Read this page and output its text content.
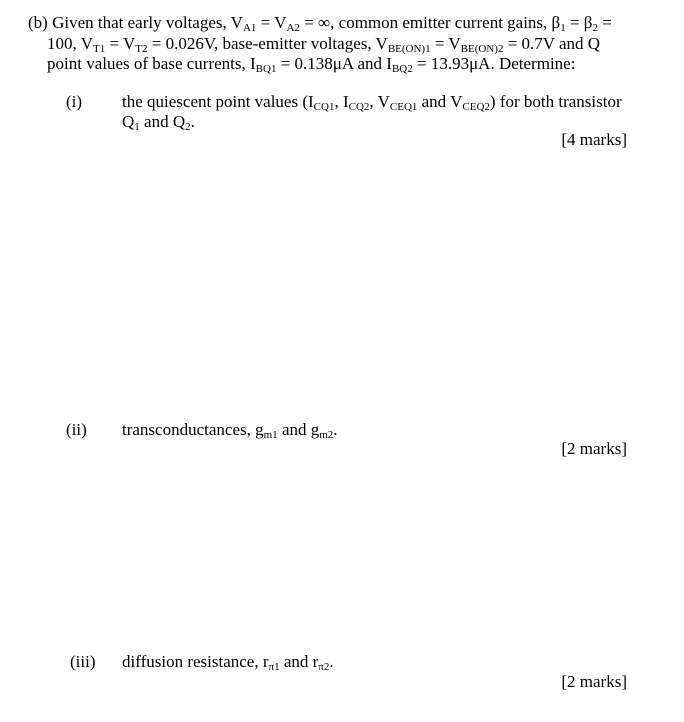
(b) Given that early voltages, $V_{A1} = V_{A2}$ = ∞, common emitter current gains, $\beta_1 = \beta_2$ =
100, $V_{T1} = V_{T2} = 0.026V$, base-emitter voltages, $V_{BE(ON)1} = V_{BE(ON)2} = 0.7V$ and Q
point values of base currents, $I_{BQ1} = 0.138\mu A$ and $I_{BQ2} = 13.93\mu A$. Determine:
(i)	the quiescent point values ($I_{CQ1}$, $I_{CQ2}$, $V_{CEQ1}$ and $V_{CEQ2}$) for both transistor
$Q_1$ and $Q_2$.
[4 marks]
(ii)	transconductances, $g_{m1}$ and $g_{m2}$.
[2 marks]
(iii)	diffusion resistance, $r_{\pi 1}$ and $r_{\pi 2}$.
[2 marks]
